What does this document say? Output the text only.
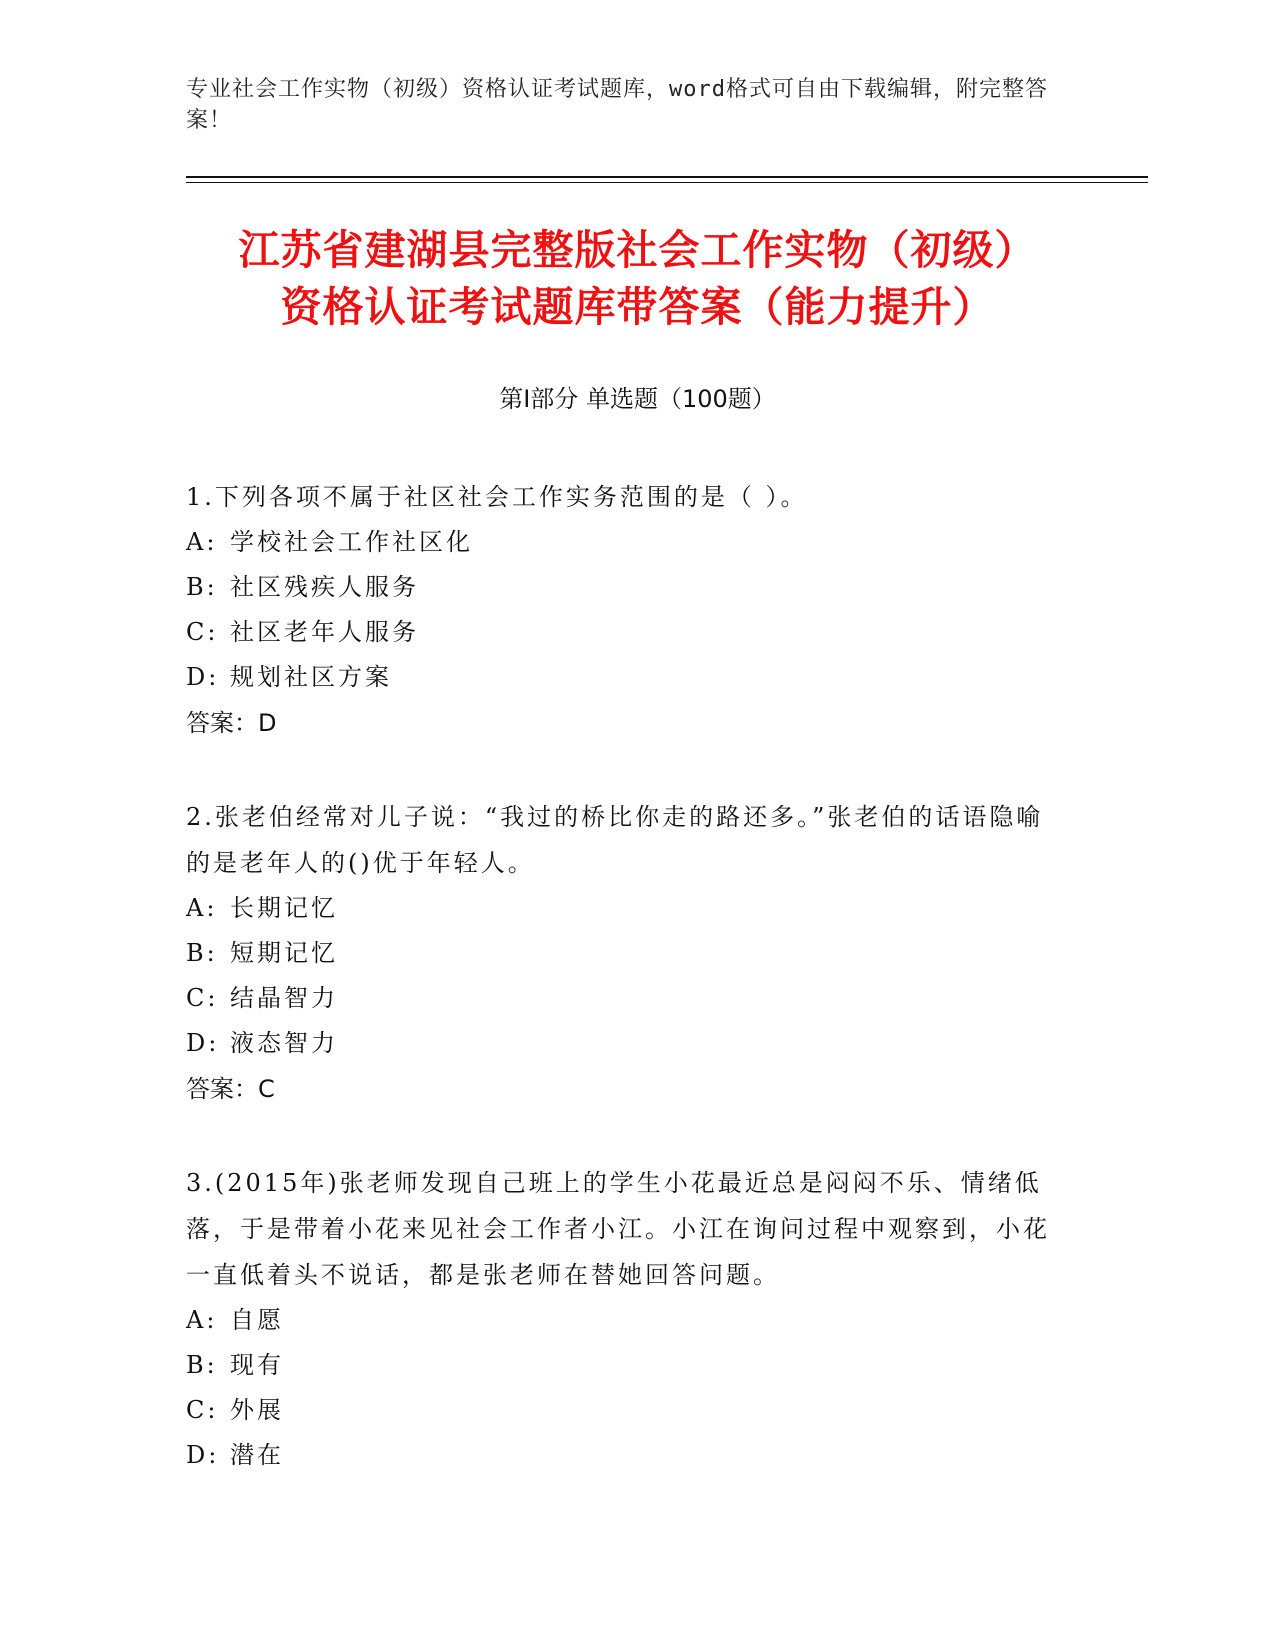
专业社会工作实物（初级）资格认证考试题库，word格式可自由下载编辑，附完整答案！
江苏省建湖县完整版社会工作实物（初级）
资格认证考试题库带答案（能力提升）
第Ⅰ部分 单选题（100题）

1.下列各项不属于社区社会工作实务范围的是（ ）。

A: 学校社会工作社区化

B: 社区残疾人服务

C: 社区老年人服务

D: 规划社区方案

答案：D

2.张老伯经常对儿子说：“我过的桥比你走的路还多。”张老伯的话语隐喻的是老年人的()优于年轻人。

A: 长期记忆

B: 短期记忆

C: 结晶智力

D: 液态智力

答案：C

3.(2015年)张老师发现自己班上的学生小花最近总是闷闷不乐、情绪低落，于是带着小花来见社会工作者小江。小江在询问过程中观察到，小花一直低着头不说话，都是张老师在替她回答问题。

A: 自愿

B: 现有

C: 外展

D: 潜在
